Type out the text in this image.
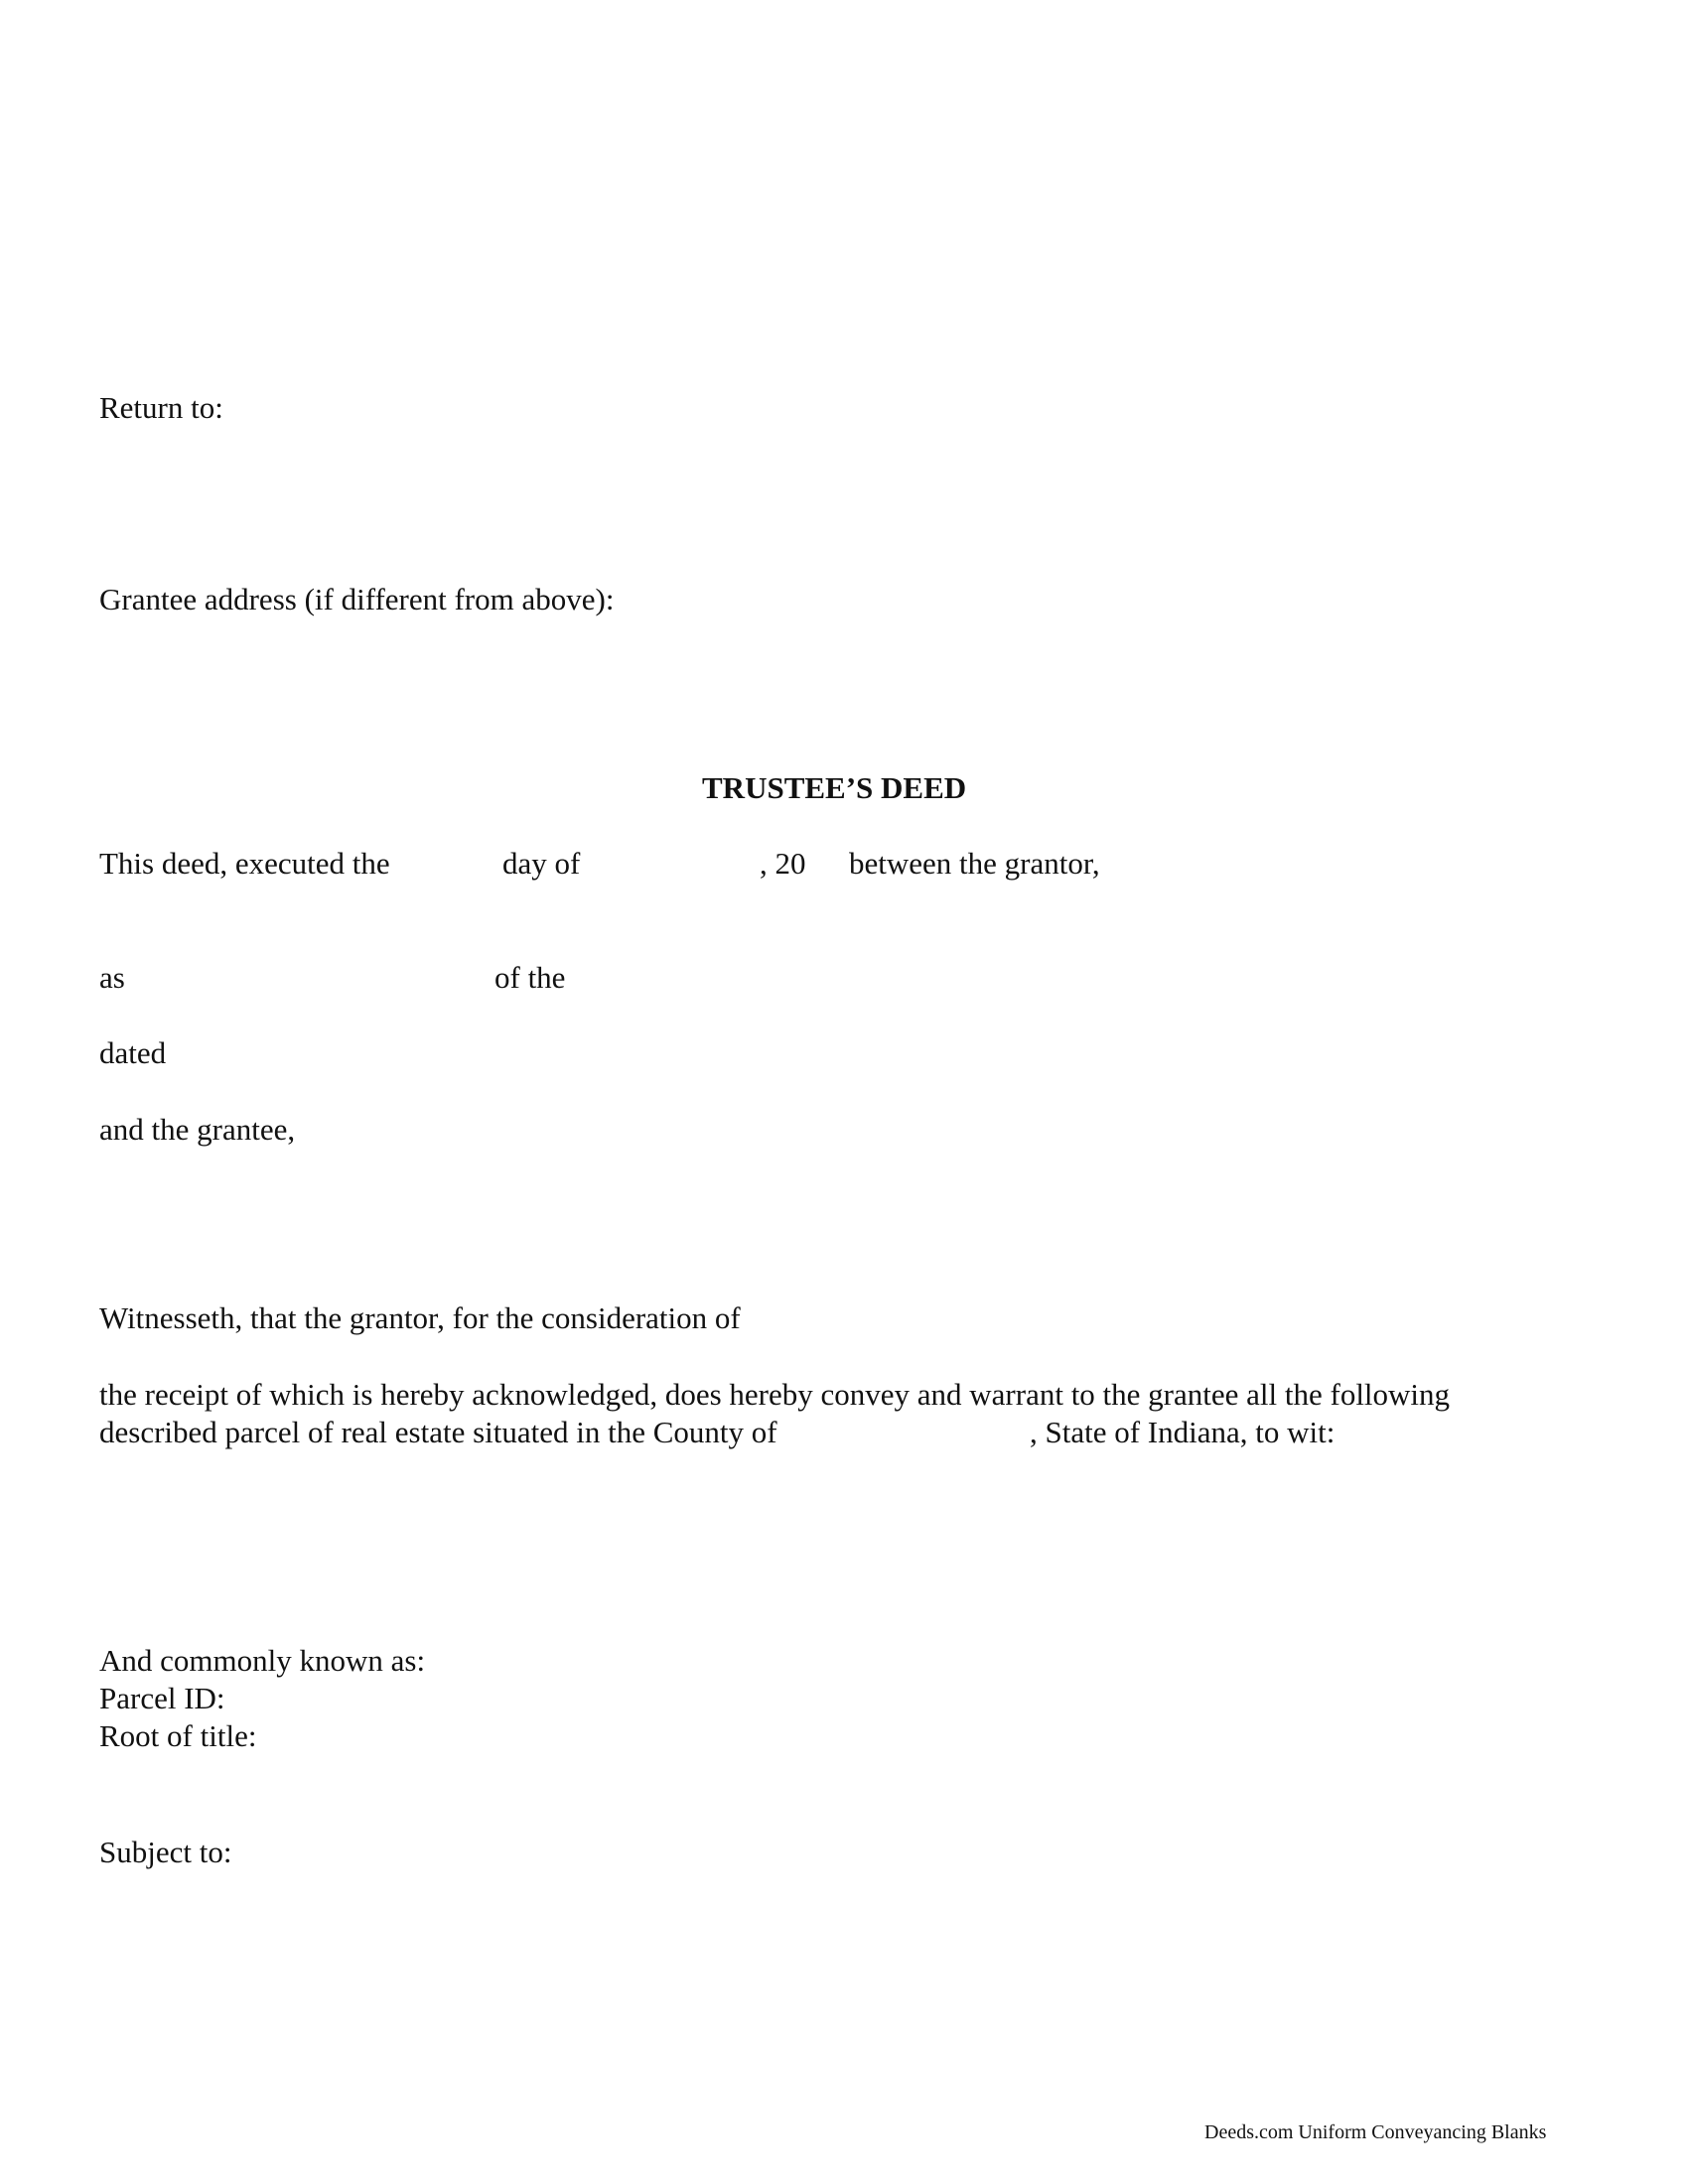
Return to:
Grantee address (if different from above):
TRUSTEE’S DEED
This deed, executed the	day of	, 20 between the grantor,
as	of the
dated
and the grantee,
Witnesseth, that the grantor, for the consideration of
the receipt of which is hereby acknowledged, does hereby convey and warrant to the grantee all the following
described parcel of real estate situated in the County of	, State of Indiana, to wit:
And commonly known as:
Parcel ID:
Root of title:
Subject to:
Deeds.com Uniform Conveyancing Blanks
